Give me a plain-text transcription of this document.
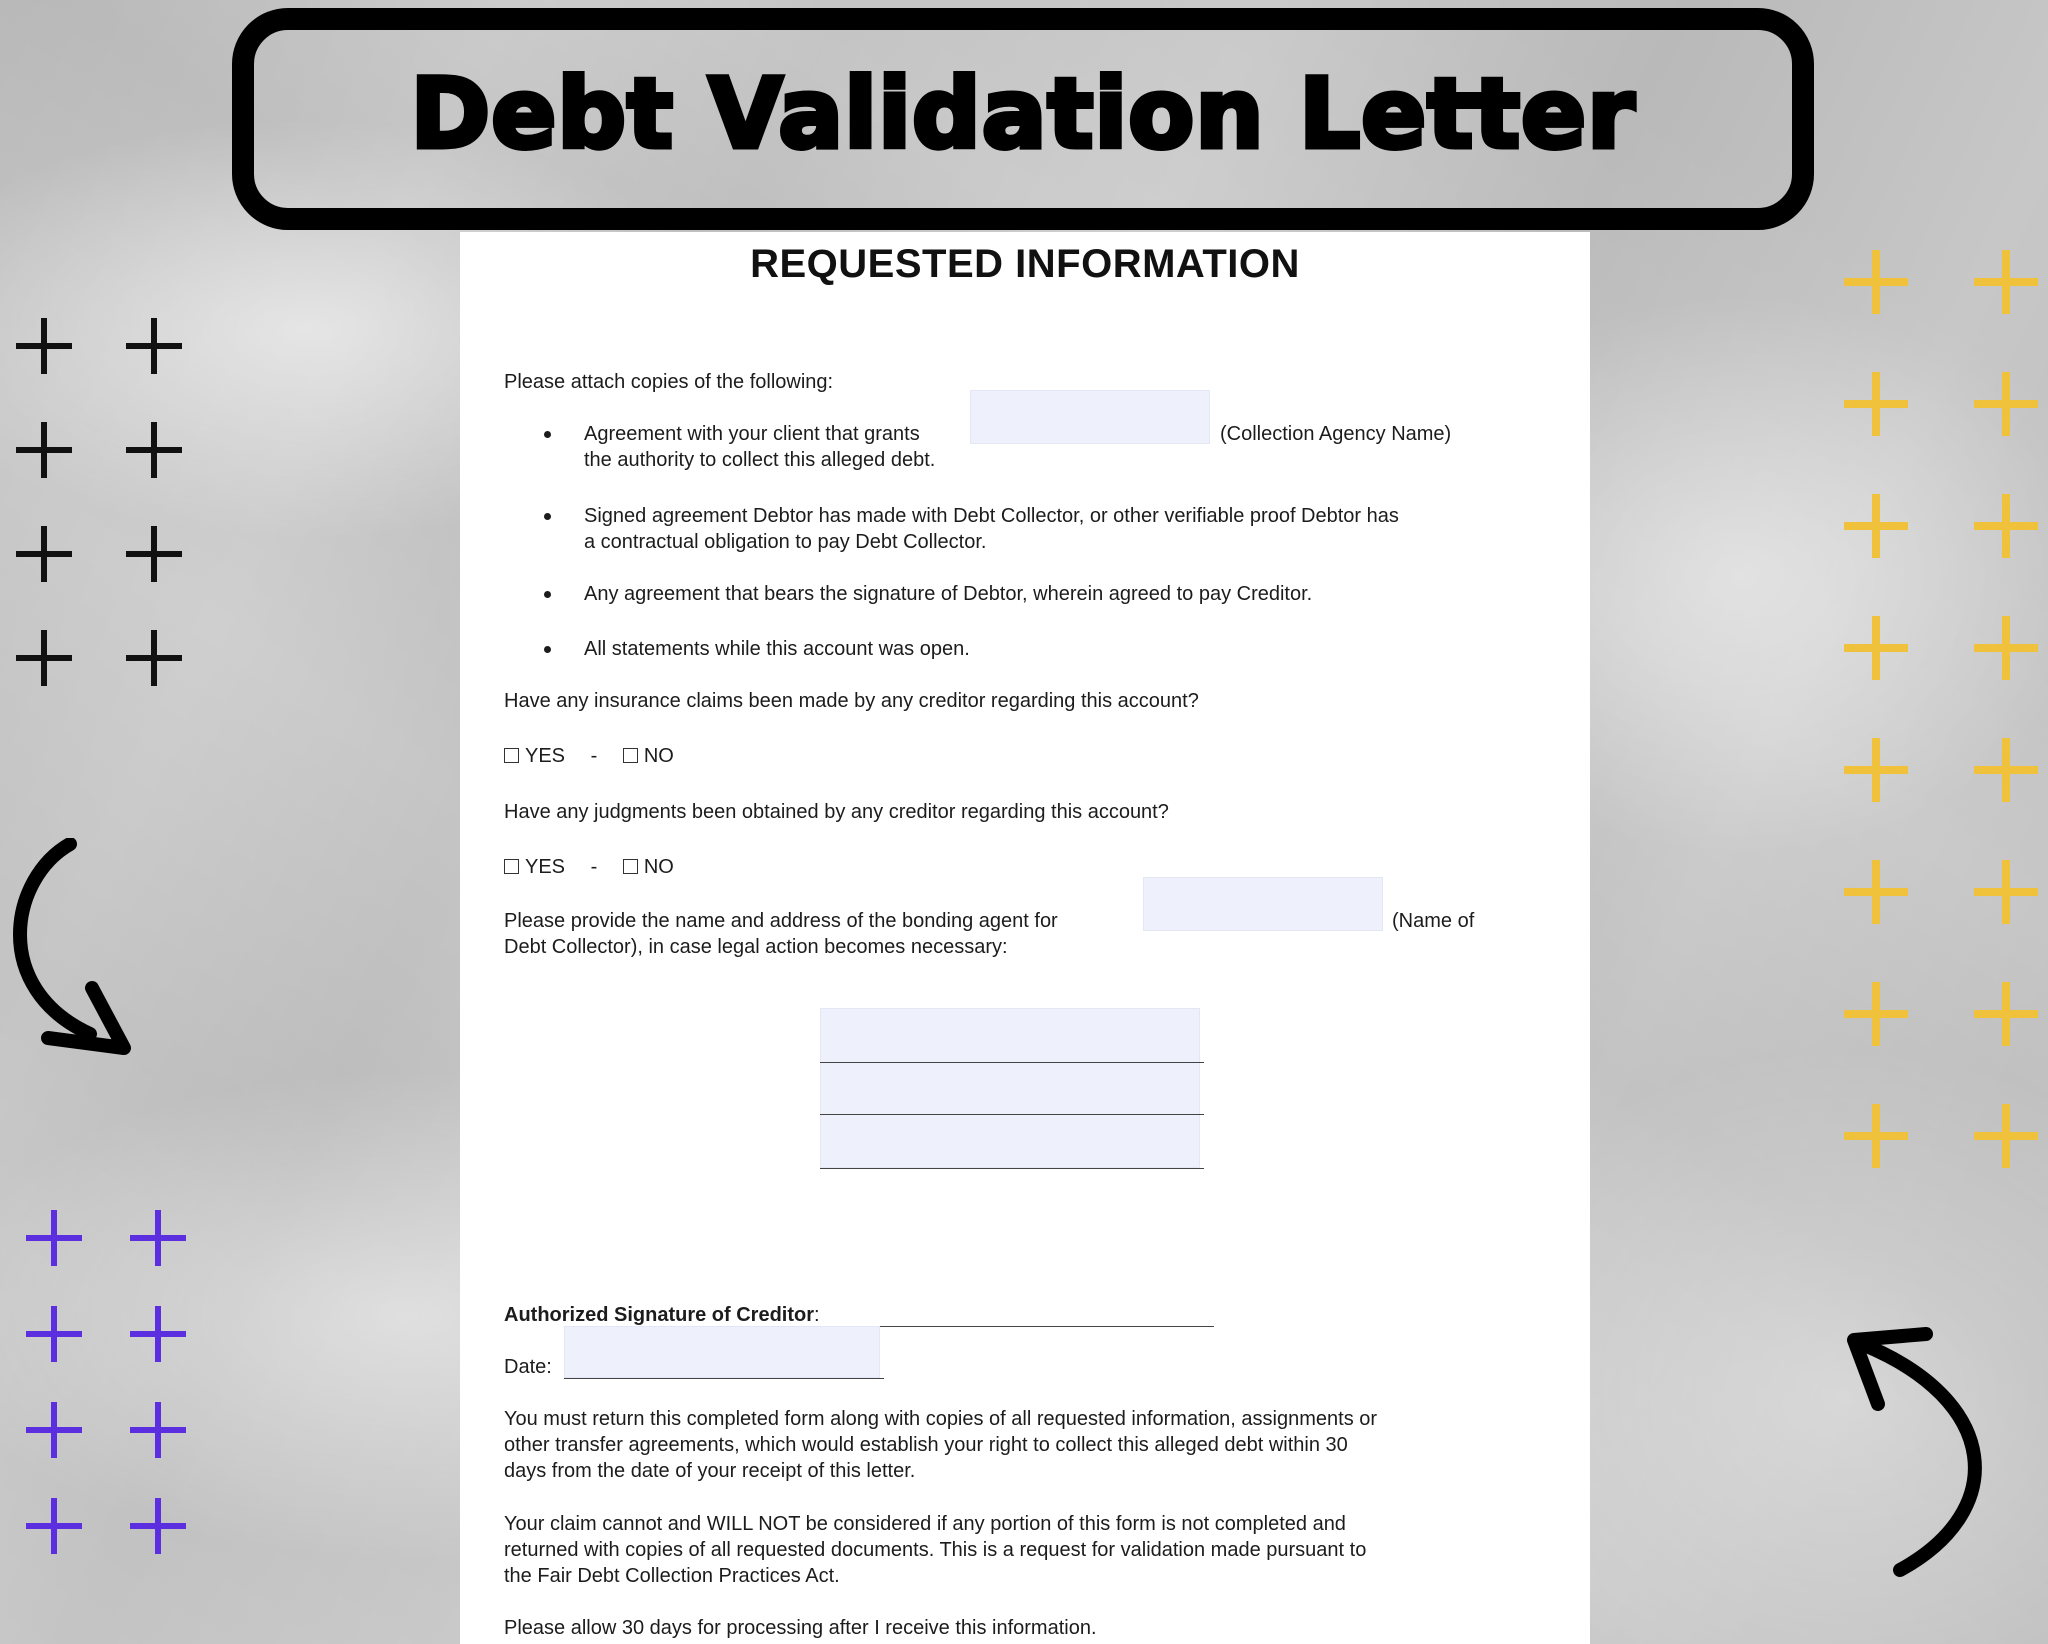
Debt Validation Letter
REQUESTED INFORMATION
Please attach copies of the following:
Agreement with your client that grants	(Collection Agency Name)
the authority to collect this alleged debt.
Signed agreement Debtor has made with Debt Collector, or other verifiable proof Debtor has
a contractual obligation to pay Debt Collector.
Any agreement that bears the signature of Debtor, wherein agreed to pay Creditor.
All statements while this account was open.
Have any insurance claims been made by any creditor regarding this account?
YES - NO
Have any judgments been obtained by any creditor regarding this account?
YES - NO
Please provide the name and address of the bonding agent for	(Name of
Debt Collector), in case legal action becomes necessary:
Authorized Signature of Creditor:
Date:
You must return this completed form along with copies of all requested information, assignments or
other transfer agreements, which would establish your right to collect this alleged debt within 30
days from the date of your receipt of this letter.
Your claim cannot and WILL NOT be considered if any portion of this form is not completed and
returned with copies of all requested documents. This is a request for validation made pursuant to
the Fair Debt Collection Practices Act.
Please allow 30 days for processing after I receive this information.
